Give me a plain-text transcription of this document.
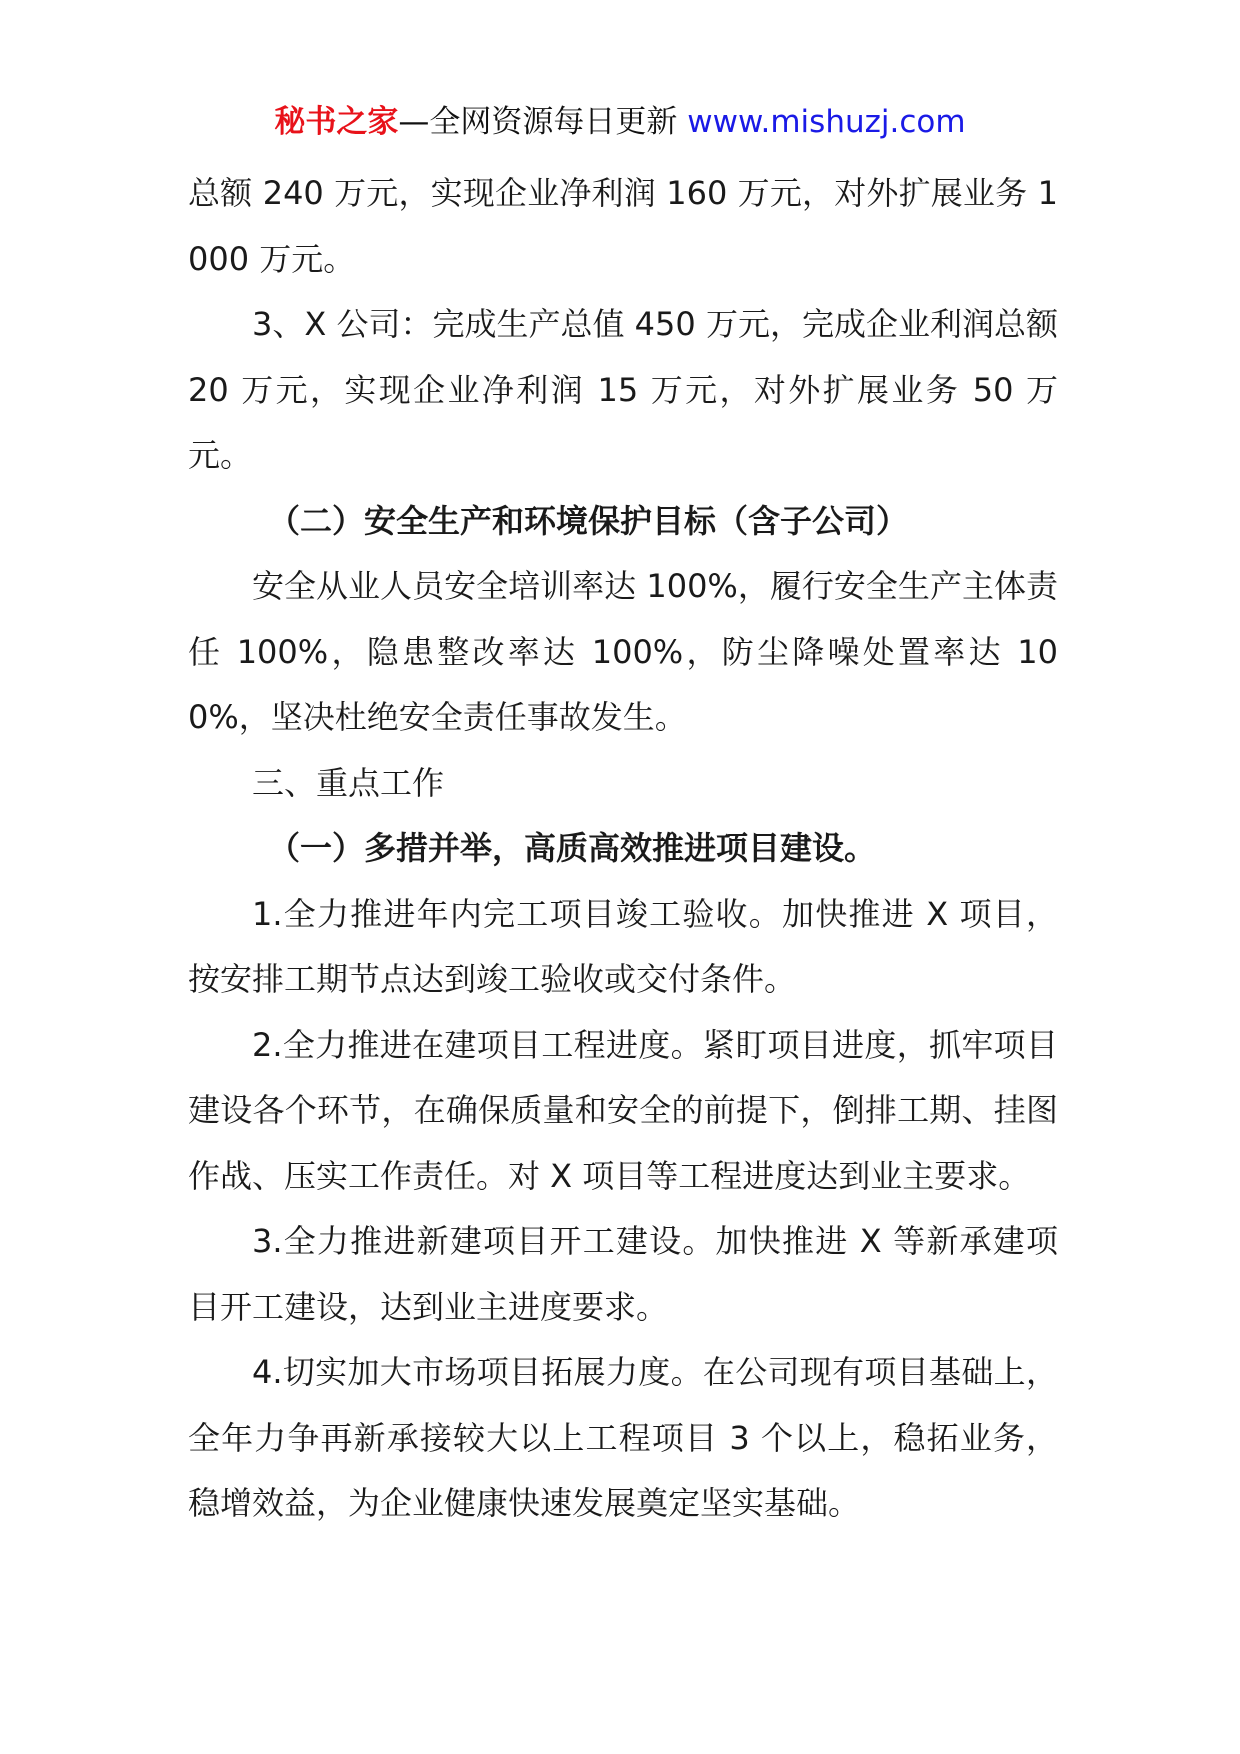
秘书之家—全网资源每日更新 www.mishuzj.com

总额 240 万元，实现企业净利润 160 万元，对外扩展业务 1000 万元。

3、X 公司：完成生产总值 450 万元，完成企业利润总额 20 万元，实现企业净利润 15 万元，对外扩展业务 50 万元。

（二）安全生产和环境保护目标（含子公司）

安全从业人员安全培训率达 100%，履行安全生产主体责任 100%，隐患整改率达 100%，防尘降噪处置率达 100%，坚决杜绝安全责任事故发生。

三、重点工作

（一）多措并举，高质高效推进项目建设。

1.全力推进年内完工项目竣工验收。加快推进 X 项目，按安排工期节点达到竣工验收或交付条件。

2.全力推进在建项目工程进度。紧盯项目进度，抓牢项目建设各个环节，在确保质量和安全的前提下，倒排工期、挂图作战、压实工作责任。对 X 项目等工程进度达到业主要求。

3.全力推进新建项目开工建设。加快推进 X 等新承建项目开工建设，达到业主进度要求。

4.切实加大市场项目拓展力度。在公司现有项目基础上，全年力争再新承接较大以上工程项目 3 个以上，稳拓业务，稳增效益，为企业健康快速发展奠定坚实基础。
